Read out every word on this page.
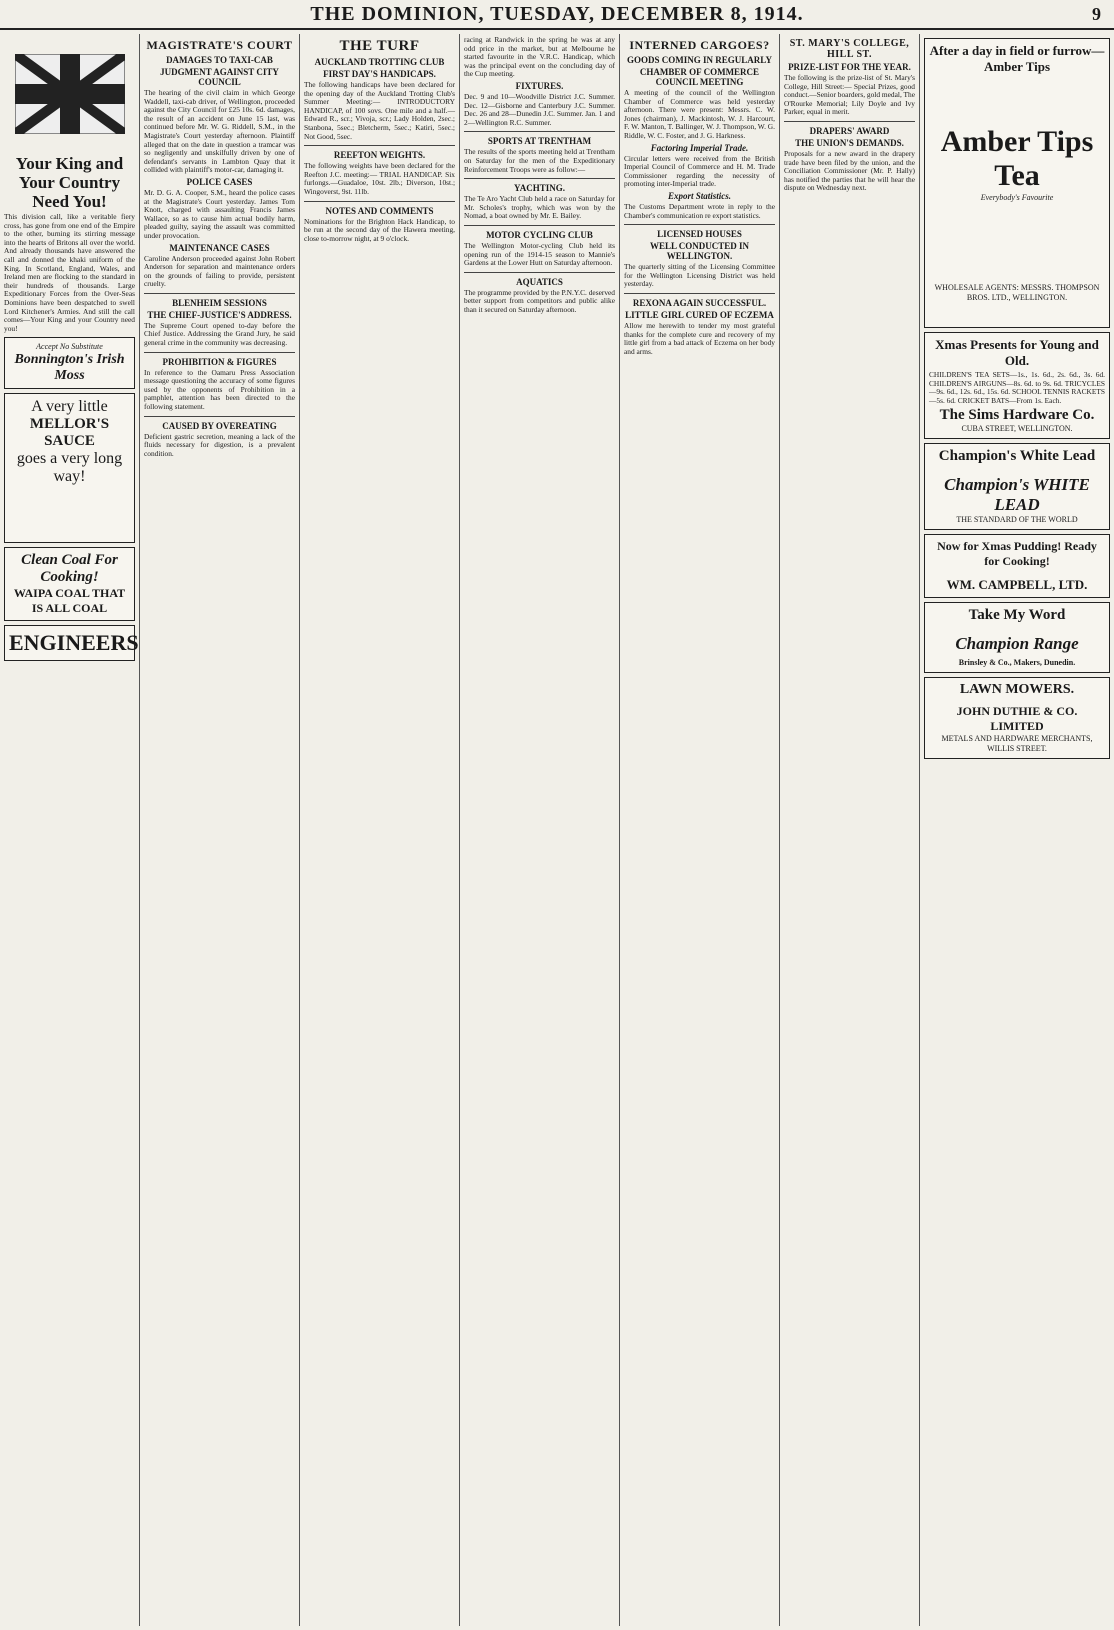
THE DOMINION, TUESDAY, DECEMBER 8, 1914.	9
Your King and Your Country Need You!

This division call, like a veritable fiery cross, has gone from one end of the Empire to the other, burning its stirring message into the hearts of Britons all over the world. And already thousands have answered the call and donned the khaki uniform of the King. In Scotland, England, Wales, and Ireland men are flocking to the standard in their hundreds of thousands. Large Expeditionary Forces from the Over-Seas Dominions have been despatched to swell Lord Kitchener's Armies. And still the call comes—Your King and your Country need you!

Accept No Substitute
Bonnington's Irish Moss
A very little
MELLOR'S SAUCE
goes a very long way!
Clean Coal For Cooking!
WAIPA COAL THAT IS ALL COAL
ENGINEERS
MAGISTRATE'S COURT
DAMAGES TO TAXI-CAB
JUDGMENT AGAINST CITY COUNCIL

The hearing of the civil claim in which George Waddell, taxi-cab driver, of Wellington, proceeded against the City Council for £25 10s. 6d. damages, the result of an accident on June 15 last, was continued before Mr. W. G. Riddell, S.M., in the Magistrate's Court yesterday afternoon. Plaintiff alleged that on the date in question a tramcar was so negligently and unskilfully driven by one of defendant's servants in Lambton Quay that it collided with plaintiff's motor-car, damaging it.

POLICE CASES

Mr. D. G. A. Cooper, S.M., heard the police cases at the Magistrate's Court yesterday. James Tom Knott, charged with assaulting Francis James Wallace, so as to cause him actual bodily harm, pleaded guilty, saying the assault was committed under provocation.

MAINTENANCE CASES

Caroline Anderson proceeded against John Robert Anderson for separation and maintenance orders on the grounds of failing to provide, persistent cruelty.

BLENHEIM SESSIONS
THE CHIEF-JUSTICE'S ADDRESS.

The Supreme Court opened to-day before the Chief Justice. Addressing the Grand Jury, he said general crime in the community was decreasing.

PROHIBITION & FIGURES

In reference to the Oamaru Press Association message questioning the accuracy of some figures used by the opponents of Prohibition in a pamphlet, attention has been directed to the following statement.

CAUSED BY OVEREATING

Deficient gastric secretion, meaning a lack of the fluids necessary for digestion, is a prevalent condition.

THE TURF
AUCKLAND TROTTING CLUB
FIRST DAY'S HANDICAPS.

The following handicaps have been declared for the opening day of the Auckland Trotting Club's Summer Meeting:— INTRODUCTORY HANDICAP, of 100 sovs. One mile and a half.—Edward R., scr.; Vivoja, scr.; Lady Holden, 2sec.; Stanbona, 5sec.; Bletcherm, 5sec.; Katiri, 5sec.; Not Good, 5sec.

REEFTON WEIGHTS.

The following weights have been declared for the Reefton J.C. meeting:— TRIAL HANDICAP. Six furlongs.—Guadaloe, 10st. 2lb.; Diverson, 10st.; Wingoverst, 9st. 11lb.

NOTES AND COMMENTS

Nominations for the Brighton Hack Handicap, to be run at the second day of the Hawera meeting, close to-morrow night, at 9 o'clock.

racing at Randwick in the spring he was at any odd price in the market, but at Melbourne he started favourite in the V.R.C. Handicap, which was the principal event on the concluding day of the Cup meeting.

FIXTURES.

Dec. 9 and 10—Woodville District J.C. Summer. Dec. 12—Gisborne and Canterbury J.C. Summer. Dec. 26 and 28—Dunedin J.C. Summer. Jan. 1 and 2—Wellington R.C. Summer.

SPORTS AT TRENTHAM

The results of the sports meeting held at Trentham on Saturday for the men of the Expeditionary Reinforcement Troops were as follow:—

YACHTING.

The Te Aro Yacht Club held a race on Saturday for Mr. Scholes's trophy, which was won by the Nomad, a boat owned by Mr. E. Bailey.

MOTOR CYCLING CLUB

The Wellington Motor-cycling Club held its opening run of the 1914-15 season to Mannie's Gardens at the Lower Hutt on Saturday afternoon.

AQUATICS

The programme provided by the P.N.Y.C. deserved better support from competitors and public alike than it secured on Saturday afternoon.

INTERNED CARGOES?
GOODS COMING IN REGULARLY
CHAMBER OF COMMERCE COUNCIL MEETING

A meeting of the council of the Wellington Chamber of Commerce was held yesterday afternoon. There were present: Messrs. C. W. Jones (chairman), J. Mackintosh, W. J. Harcourt, F. W. Manton, T. Ballinger, W. J. Thompson, W. G. Riddle, W. C. Foster, and J. G. Harkness.

Factoring Imperial Trade.

Circular letters were received from the British Imperial Council of Commerce and H. M. Trade Commissioner regarding the necessity of promoting inter-Imperial trade.

Export Statistics.

The Customs Department wrote in reply to the Chamber's communication re export statistics.

LICENSED HOUSES
WELL CONDUCTED IN WELLINGTON.

The quarterly sitting of the Licensing Committee for the Wellington Licensing District was held yesterday.

REXONA AGAIN SUCCESSFUL.
LITTLE GIRL CURED OF ECZEMA

Allow me herewith to tender my most grateful thanks for the complete cure and recovery of my little girl from a bad attack of Eczema on her body and arms.

ST. MARY'S COLLEGE, HILL ST.
PRIZE-LIST FOR THE YEAR.

The following is the prize-list of St. Mary's College, Hill Street:— Special Prizes, good conduct.—Senior boarders, gold medal, The O'Rourke Memorial; Lily Doyle and Ivy Parker, equal in merit.

DRAPERS' AWARD
THE UNION'S DEMANDS.

Proposals for a new award in the drapery trade have been filed by the union, and the Conciliation Commissioner (Mr. P. Hally) has notified the parties that he will hear the dispute on Wednesday next.

After a day in field or furrow—Amber Tips
Amber Tips Tea
Everybody's Favourite
WHOLESALE AGENTS: MESSRS. THOMPSON BROS. LTD., WELLINGTON.
Xmas Presents for Young and Old.

CHILDREN'S TEA SETS—1s., 1s. 6d., 2s. 6d., 3s. 6d. CHILDREN'S AIRGUNS—8s. 6d. to 9s. 6d. TRICYCLES—9s. 6d., 12s. 6d., 15s. 6d. SCHOOL TENNIS RACKETS—5s. 6d. CRICKET BATS—From 1s. Each.

The Sims Hardware Co.
CUBA STREET, WELLINGTON.
Champion's White Lead
Champion's WHITE LEAD
THE STANDARD OF THE WORLD
Now for Xmas Pudding! Ready for Cooking!
WM. CAMPBELL, LTD.
Take My Word
Champion Range
Brinsley & Co., Makers, Dunedin.
LAWN MOWERS.
JOHN DUTHIE & CO. LIMITED
METALS AND HARDWARE MERCHANTS, WILLIS STREET.
